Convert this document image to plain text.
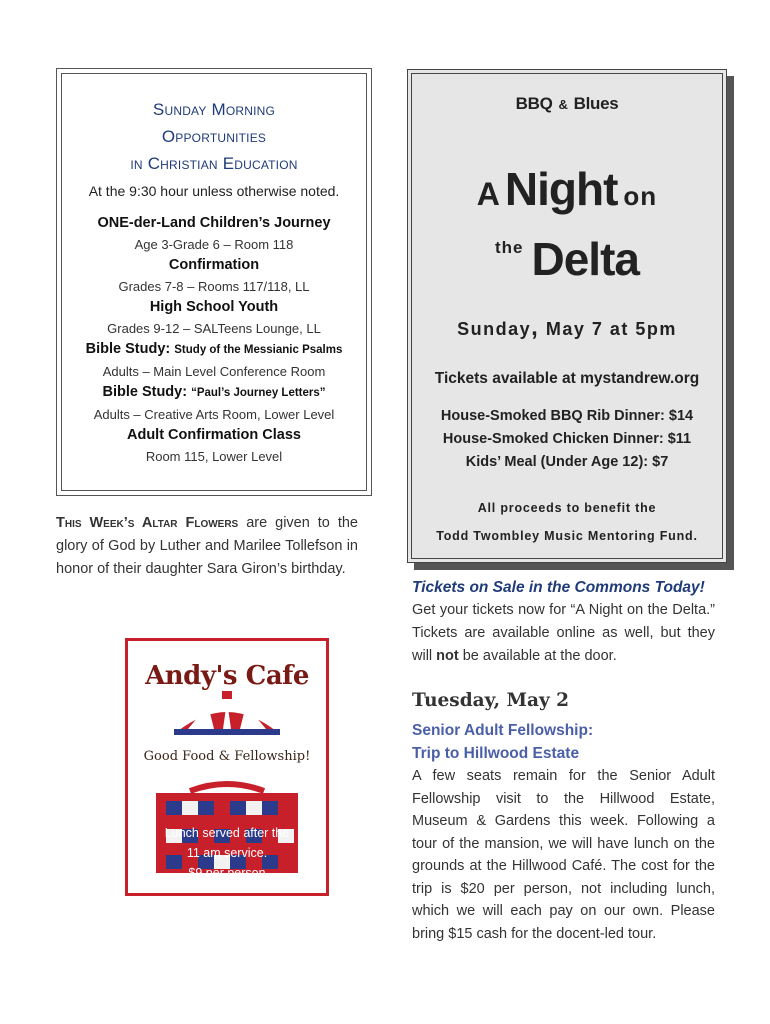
Sunday Morning
Opportunities
in Christian Education
At the 9:30 hour unless otherwise noted.
ONE-der-Land Children’s Journey
Age 3-Grade 6 – Room 118
Confirmation
Grades 7-8 – Rooms 117/118, LL
High School Youth
Grades 9-12 – SALTeens Lounge, LL
Bible Study: Study of the Messianic Psalms
Adults – Main Level Conference Room
Bible Study: “Paul’s Journey Letters”
Adults – Creative Arts Room, Lower Level
Adult Confirmation Class
Room 115, Lower Level
This Week’s Altar Flowers are given to the glory of God by Luther and Marilee Tollefson in honor of their daughter Sara Giron’s birthday.
Andy's Cafe
Good Food & Fellowship!
Lunch served after the
11 am service.
$9 per person
BBQ & Blues
ANight on
the Delta
Sunday, May 7 at 5pm
Tickets available at mystandrew.org
House-Smoked BBQ Rib Dinner: $14
House-Smoked Chicken Dinner: $11
Kids’ Meal (Under Age 12): $7
All proceeds to benefit the
Todd Twombley Music Mentoring Fund.
Tickets on Sale in the Commons Today!
Get your tickets now for “A Night on the Delta.” Tickets are available online as well, but they will not be available at the door.
Tuesday, May 2
Senior Adult Fellowship:
Trip to Hillwood Estate
A few seats remain for the Senior Adult Fellowship visit to the Hillwood Estate, Museum & Gardens this week. Following a tour of the mansion, we will have lunch on the grounds at the Hillwood Café. The cost for the trip is $20 per person, not including lunch, which we will each pay on our own. Please bring $15 cash for the docent-led tour.
